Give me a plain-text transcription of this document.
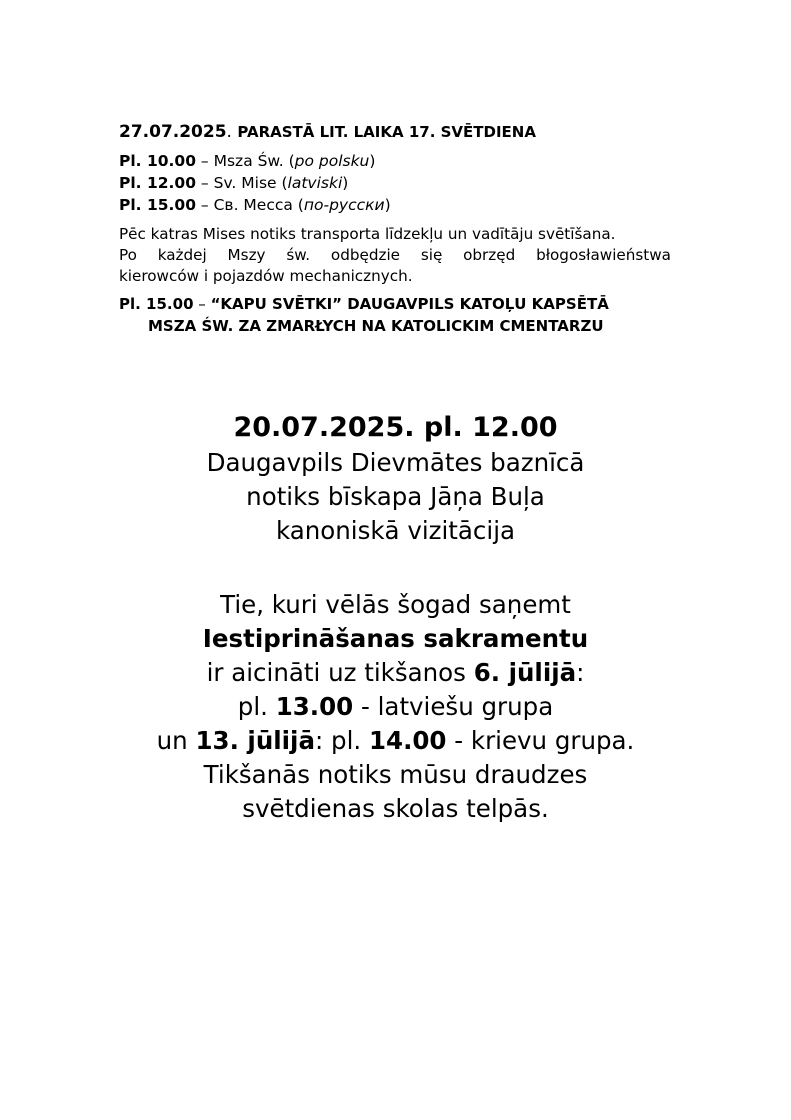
27.07.2025. PARASTĀ LIT. LAIKA 17. SVĒTDIENA

Pl. 10.00 – Msza Św. (po polsku)

Pl. 12.00 – Sv. Mise (latviski)

Pl. 15.00 – Св. Месса (по-русски)

Pēc katras Mises notiks transporta līdzekļu un vadītāju svētīšana.
Po każdej Mszy św. odbędzie się obrzęd błogosławieństwa
kierowców i pojazdów mechanicznych.

Pl. 15.00 – “KAPU SVĒTKI” DAUGAVPILS KATOĻU KAPSĒTĀ
MSZA ŚW. ZA ZMARŁYCH NA KATOLICKIM CMENTARZU

20.07.2025. pl. 12.00

Daugavpils Dievmātes baznīcā

notiks bīskapa Jāņa Buļa

kanoniskā vizitācija

Tie, kuri vēlās šogad saņemt

Iestiprināšanas sakramentu

ir aicināti uz tikšanos 6. jūlijā:

pl. 13.00 - latviešu grupa

un 13. jūlijā: pl. 14.00 - krievu grupa.

Tikšanās notiks mūsu draudzes

svētdienas skolas telpās.
